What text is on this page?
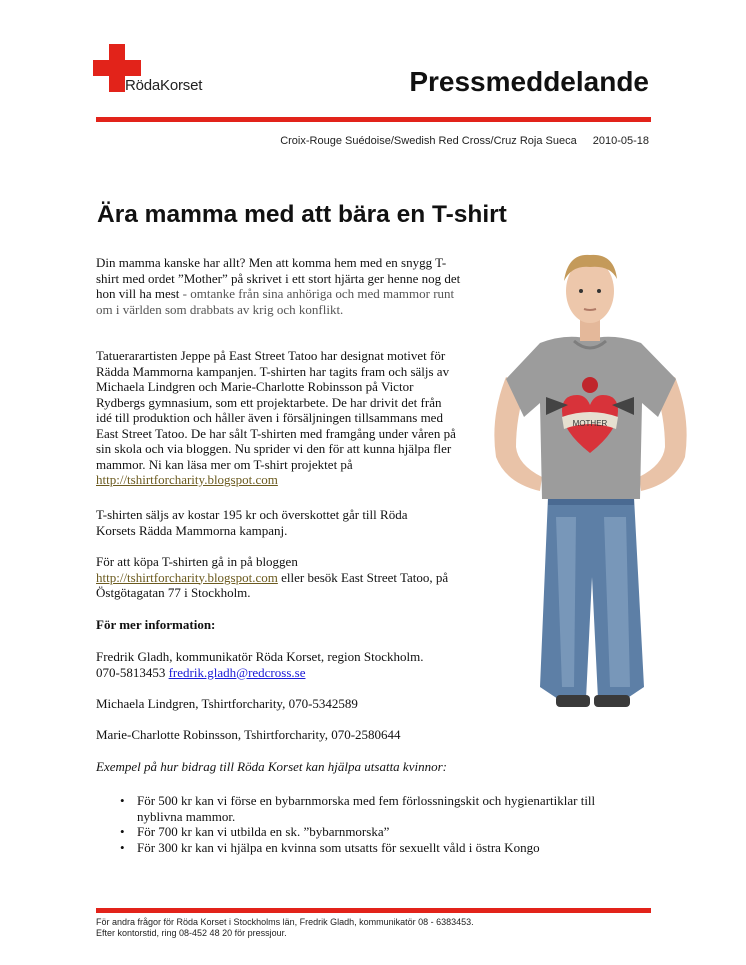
RödaKorset	Pressmeddelande
Croix-Rouge Suédoise/Swedish Red Cross/Cruz Roja Sueca 2010-05-18
Ära mamma med att bära en T-shirt
MOTHER
Din mamma kanske har allt? Men att komma hem med en snygg T-shirt med ordet ”Mother” på skrivet i ett stort hjärta ger henne nog det hon vill ha mest - omtanke från sina anhöriga och med mammor runt om i världen som drabbats av krig och konflikt.
Tatuerarartisten Jeppe på East Street Tatoo har designat motivet för Rädda Mammorna kampanjen. T-shirten har tagits fram och säljs av Michaela Lindgren och Marie-Charlotte Robinsson på Victor Rydbergs gymnasium, som ett projektarbete. De har drivit det från idé till produktion och håller även i försäljningen tillsammans med East Street Tatoo. De har sålt T-shirten med framgång under våren på sin skola och via bloggen. Nu sprider vi den för att kunna hjälpa fler mammor. Ni kan läsa mer om T-shirt projektet på http://tshirtforcharity.blogspot.com
T-shirten säljs av kostar 195 kr och överskottet går till Röda Korsets Rädda Mammorna kampanj.
För att köpa T-shirten gå in på bloggen http://tshirtforcharity.blogspot.com eller besök East Street Tatoo, på Östgötagatan 77 i Stockholm.
För mer information:
Fredrik Gladh, kommunikatör Röda Korset, region Stockholm.
070-5813453 fredrik.gladh@redcross.se
Michaela Lindgren, Tshirtforcharity, 070-5342589
Marie-Charlotte Robinsson, Tshirtforcharity, 070-2580644
Exempel på hur bidrag till Röda Korset kan hjälpa utsatta kvinnor:
• För 500 kr kan vi förse en bybarnmorska med fem förlossningskit och hygienartiklar till nyblivna mammor.
• För 700 kr kan vi utbilda en sk. ”bybarnmorska”
• För 300 kr kan vi hjälpa en kvinna som utsatts för sexuellt våld i östra Kongo
För andra frågor för Röda Korset i Stockholms län, Fredrik Gladh, kommunikatör 08 - 6383453.
Efter kontorstid, ring 08-452 48 20 för pressjour.
